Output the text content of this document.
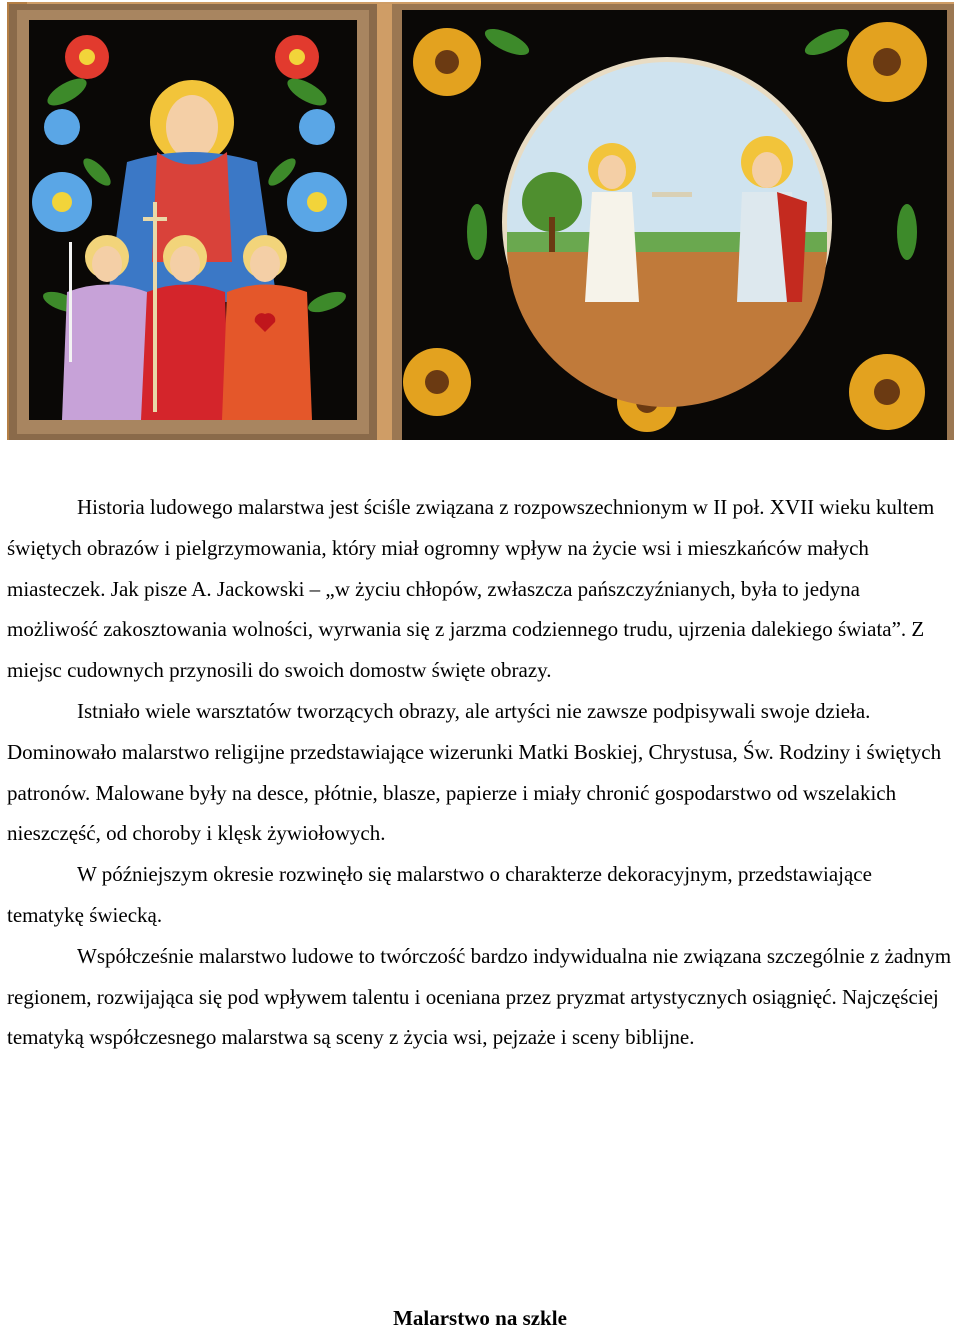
Historia ludowego malarstwa jest ściśle związana z rozpowszechnionym w II poł. XVII wieku kultem świętych obrazów i pielgrzymowania, który miał ogromny wpływ na życie wsi i mieszkańców małych miasteczek. Jak pisze A. Jackowski – „w życiu chłopów, zwłaszcza pańszczyźnianych, była to jedyna możliwość zakosztowania wolności, wyrwania się z jarzma codziennego trudu, ujrzenia dalekiego świata”. Z miejsc cudownych przynosili do swoich domostw święte obrazy.

Istniało wiele warsztatów tworzących obrazy, ale artyści nie zawsze podpisywali swoje dzieła. Dominowało malarstwo religijne przedstawiające wizerunki Matki Boskiej, Chrystusa, Św. Rodziny i świętych patronów. Malowane były na desce, płótnie, blasze, papierze i miały chronić gospodarstwo od wszelakich nieszczęść, od choroby i klęsk żywiołowych.

W późniejszym okresie rozwinęło się malarstwo o charakterze dekoracyjnym, przedstawiające tematykę świecką.

Współcześnie malarstwo ludowe to twórczość bardzo indywidualna nie związana szczególnie z żadnym regionem, rozwijająca się pod wpływem talentu i oceniana przez pryzmat artystycznych osiągnięć. Najczęściej tematyką współczesnego malarstwa są sceny z życia wsi, pejzaże i sceny biblijne.

Malarstwo na szkle
